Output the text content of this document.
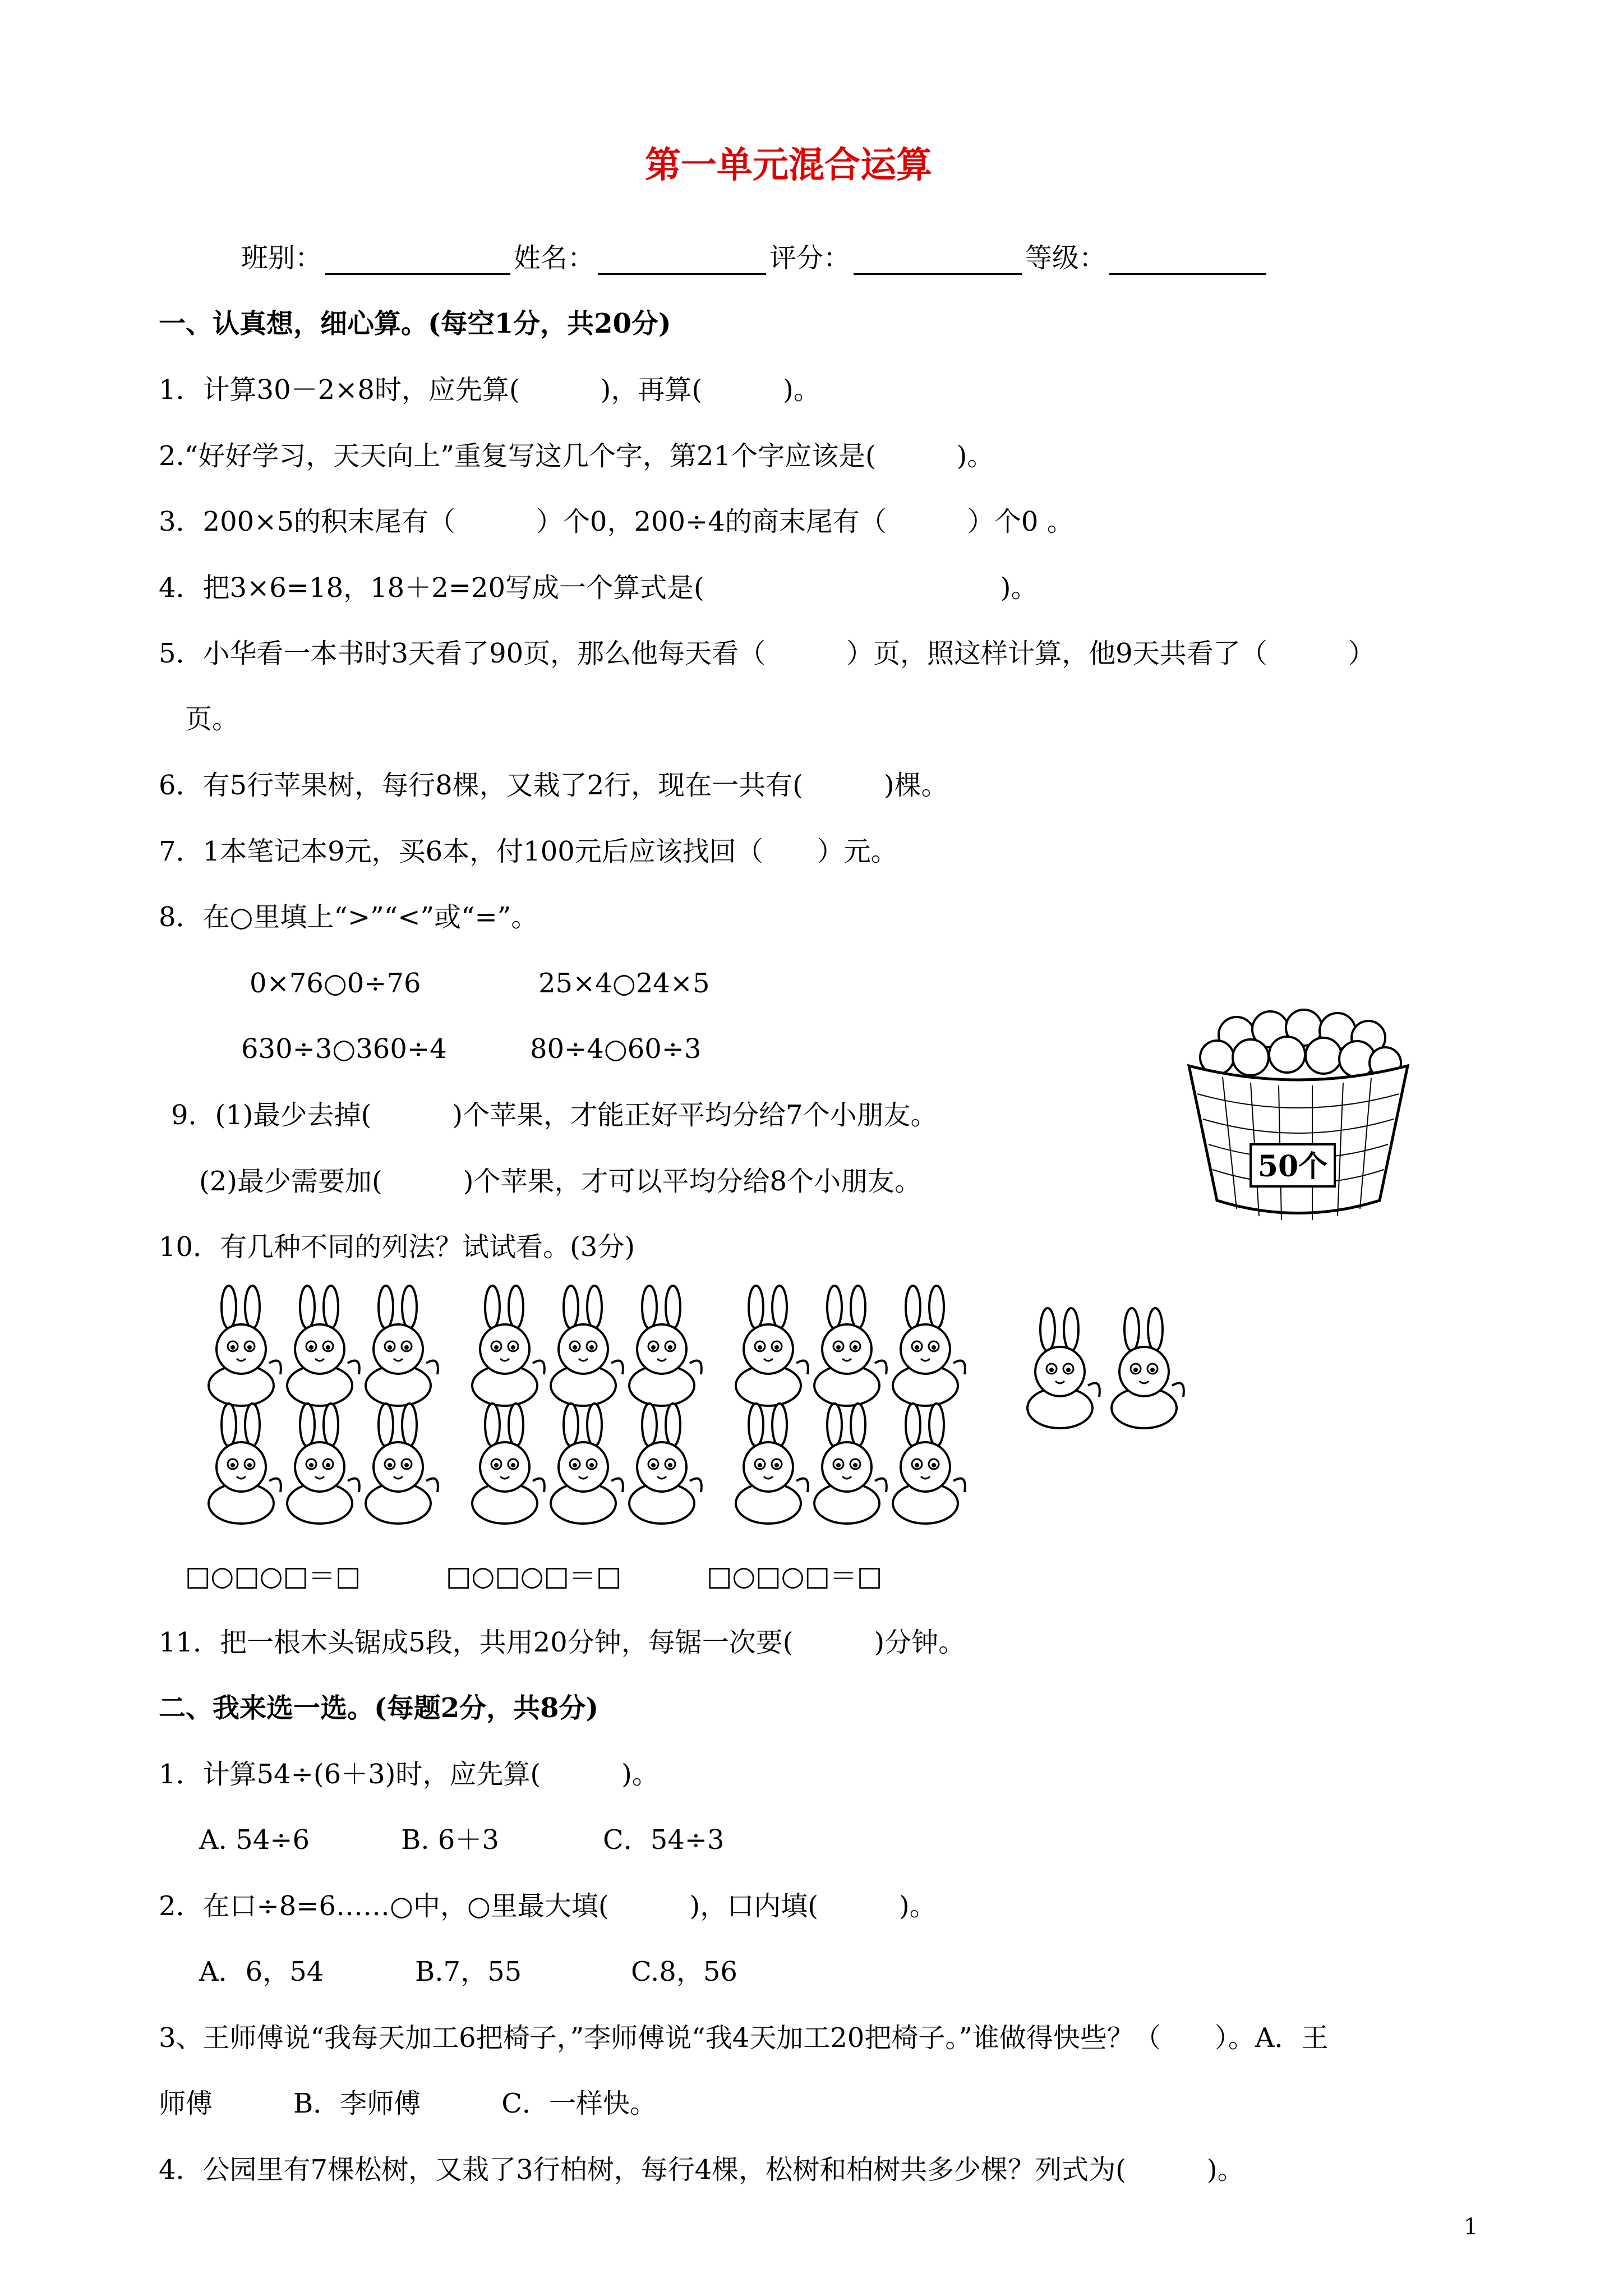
第一单元混合运算
班别：	姓名：	评分：	等级：
一、认真想，细心算。(每空1分，共20分)
1．计算30－2×8时，应先算(　　　)，再算(　　　)。
2.“好好学习，天天向上”重复写这几个字，第21个字应该是(　　　)。
3．200×5的积末尾有（　　　）个0，200÷4的商末尾有（　　　）个0 。
4．把3×6=18，18＋2=20写成一个算式是(　　　　　　　　　　　)。
5．小华看一本书时3天看了90页，那么他每天看（　　　）页，照这样计算，他9天共看了（　　　）
页。
6．有5行苹果树，每行8棵，又栽了2行，现在一共有(　　　)棵。
7．1本笔记本9元，买6本，付100元后应该找回（　　）元。
8．在○里填上“>”“<”或“=”。
0×76○0÷76	25×4○24×5
630÷3○360÷4	80÷4○60÷3
9．(1)最少去掉(　　　)个苹果，才能正好平均分给7个小朋友。
(2)最少需要加(　　　)个苹果，才可以平均分给8个小朋友。	50个
10．有几种不同的列法？试试看。(3分)
□○□○□＝□	□○□○□＝□	□○□○□＝□
11．把一根木头锯成5段，共用20分钟，每锯一次要(　　　)分钟。
二、我来选一选。(每题2分，共8分)
1．计算54÷(6＋3)时，应先算(　　　)。
A. 54÷6	B. 6＋3	C．54÷3
2．在口÷8=6……○中，○里最大填(　　　)，口内填(　　　)。
A．6，54	B.7，55	C.8，56
3、王师傅说“我每天加工6把椅子，”李师傅说“我4天加工20把椅子。”谁做得快些？（　　）。A．王
师傅　　　B．李师傅　　　C．一样快。
4．公园里有7棵松树，又栽了3行柏树，每行4棵，松树和柏树共多少棵？列式为(　　　)。
1
